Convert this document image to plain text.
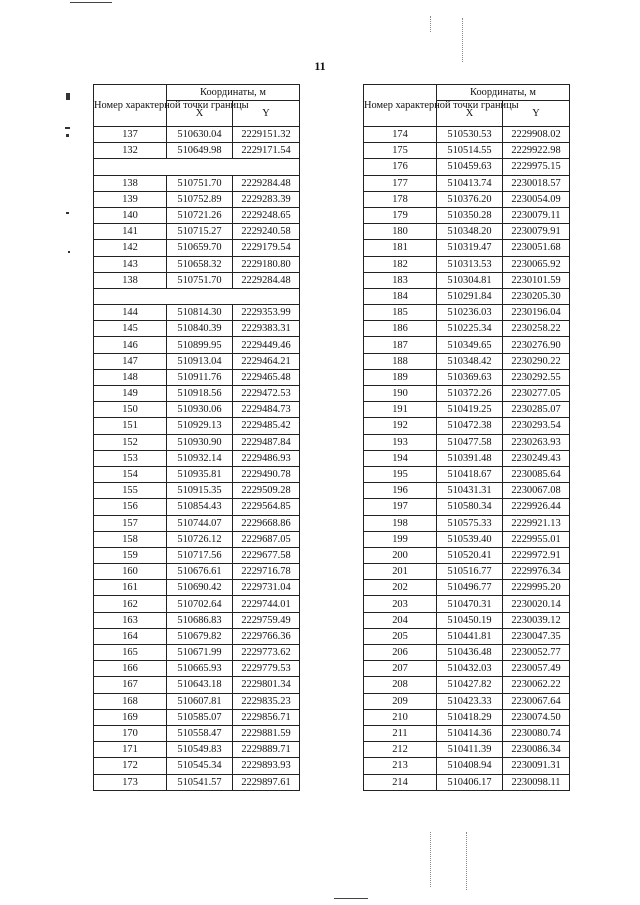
11
Номер характерной точки границы	Координаты, м	
	X	Y
137	510630.04	2229151.32
132	510649.98	2229171.54

138	510751.70	2229284.48
139	510752.89	2229283.39
140	510721.26	2229248.65
141	510715.27	2229240.58
142	510659.70	2229179.54
143	510658.32	2229180.80
138	510751.70	2229284.48

144	510814.30	2229353.99
145	510840.39	2229383.31
146	510899.95	2229449.46
147	510913.04	2229464.21
148	510911.76	2229465.48
149	510918.56	2229472.53
150	510930.06	2229484.73
151	510929.13	2229485.42
152	510930.90	2229487.84
153	510932.14	2229486.93
154	510935.81	2229490.78
155	510915.35	2229509.28
156	510854.43	2229564.85
157	510744.07	2229668.86
158	510726.12	2229687.05
159	510717.56	2229677.58
160	510676.61	2229716.78
161	510690.42	2229731.04
162	510702.64	2229744.01
163	510686.83	2229759.49
164	510679.82	2229766.36
165	510671.99	2229773.62
166	510665.93	2229779.53
167	510643.18	2229801.34
168	510607.81	2229835.23
169	510585.07	2229856.71
170	510558.47	2229881.59
171	510549.83	2229889.71
172	510545.34	2229893.93
173	510541.57	2229897.61
Номер характерной точки границы	Координаты, м	
	X	Y
174	510530.53	2229908.02
175	510514.55	2229922.98
176	510459.63	2229975.15
177	510413.74	2230018.57
178	510376.20	2230054.09
179	510350.28	2230079.11
180	510348.20	2230079.91
181	510319.47	2230051.68
182	510313.53	2230065.92
183	510304.81	2230101.59
184	510291.84	2230205.30
185	510236.03	2230196.04
186	510225.34	2230258.22
187	510349.65	2230276.90
188	510348.42	2230290.22
189	510369.63	2230292.55
190	510372.26	2230277.05
191	510419.25	2230285.07
192	510472.38	2230293.54
193	510477.58	2230263.93
194	510391.48	2230249.43
195	510418.67	2230085.64
196	510431.31	2230067.08
197	510580.34	2229926.44
198	510575.33	2229921.13
199	510539.40	2229955.01
200	510520.41	2229972.91
201	510516.77	2229976.34
202	510496.77	2229995.20
203	510470.31	2230020.14
204	510450.19	2230039.12
205	510441.81	2230047.35
206	510436.48	2230052.77
207	510432.03	2230057.49
208	510427.82	2230062.22
209	510423.33	2230067.64
210	510418.29	2230074.50
211	510414.36	2230080.74
212	510411.39	2230086.34
213	510408.94	2230091.31
214	510406.17	2230098.11
